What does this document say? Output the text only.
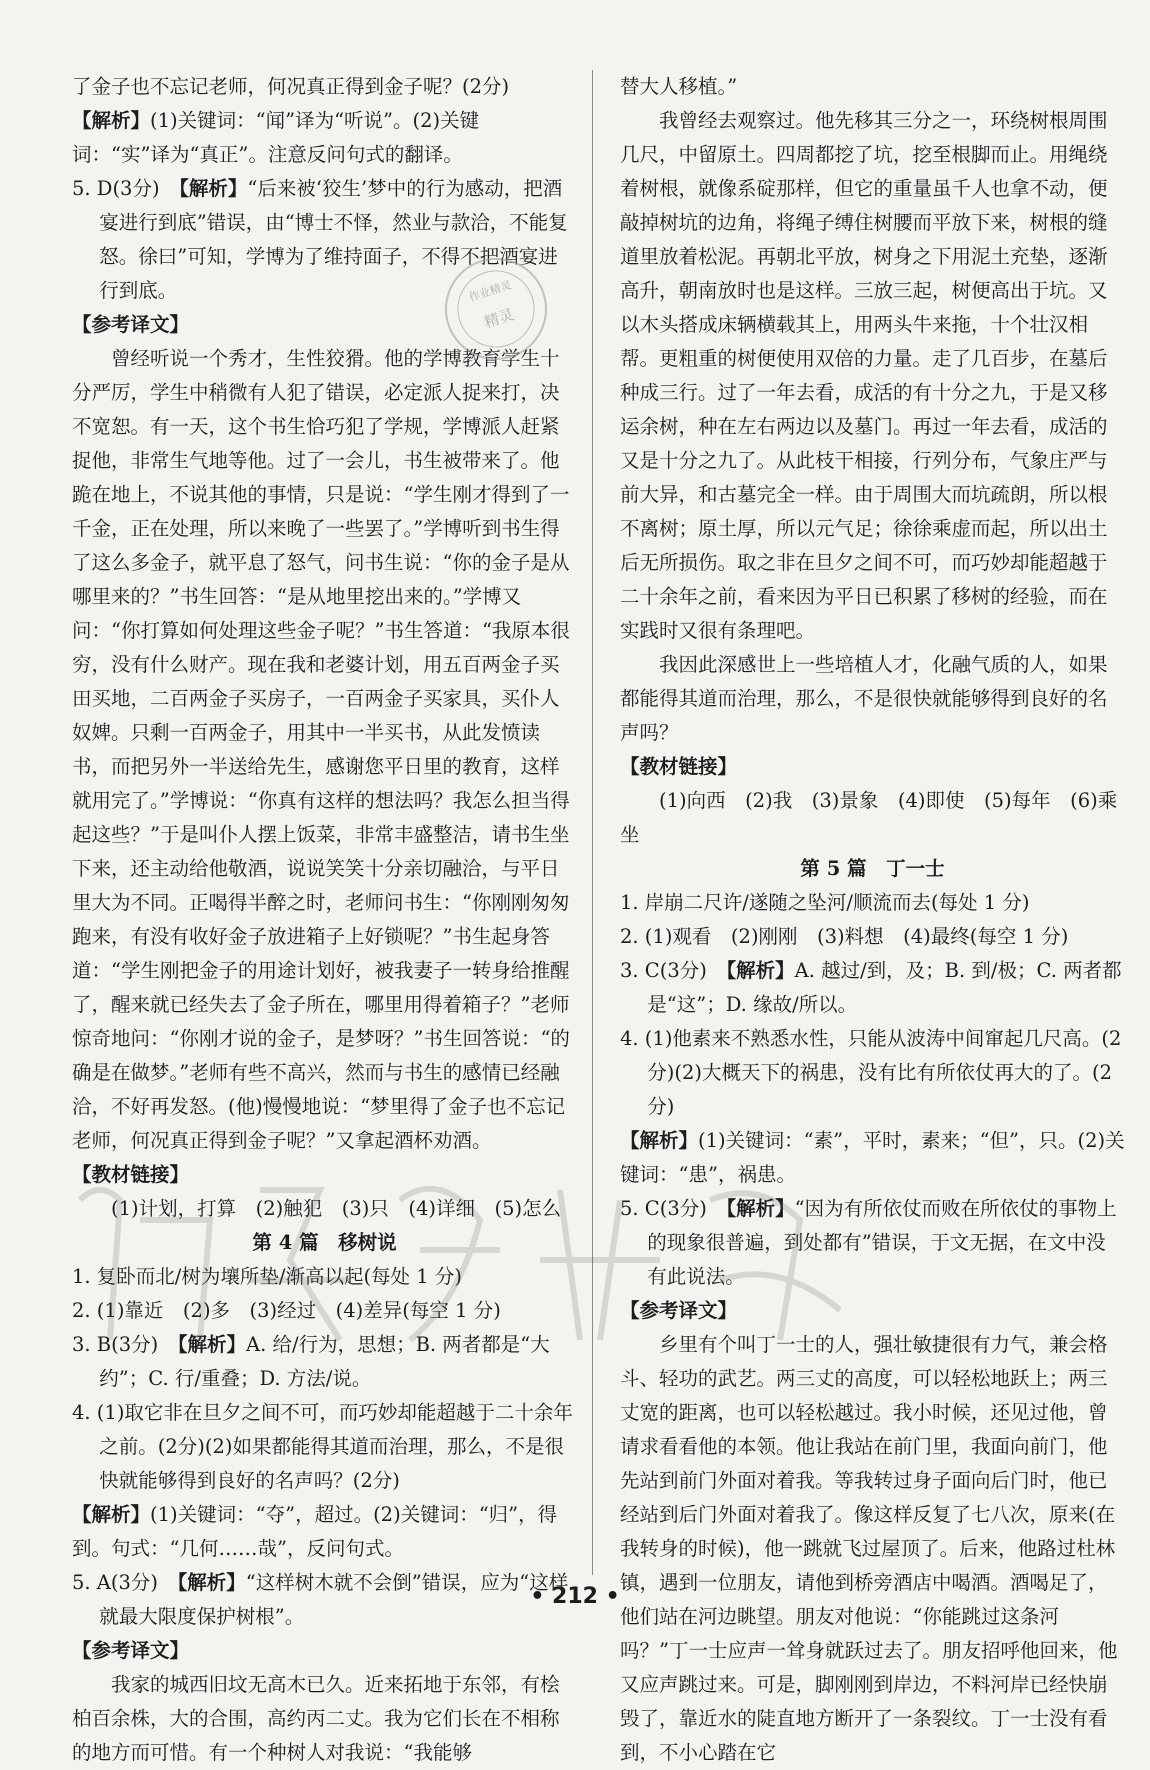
了金子也不忘记老师，何况真正得到金子呢？(2分)

【解析】(1)关键词：“闻”译为“听说”。(2)关键词：“实”译为“真正”。注意反问句式的翻译。

5. D(3分)　【解析】“后来被‘狡生’梦中的行为感动，把酒宴进行到底”错误，由“博士不怿，然业与款洽，不能复怒。徐曰”可知，学博为了维持面子，不得不把酒宴进行到底。

【参考译文】

曾经听说一个秀才，生性狡猾。他的学博教育学生十分严厉，学生中稍微有人犯了错误，必定派人捉来打，决不宽恕。有一天，这个书生恰巧犯了学规，学博派人赶紧捉他，非常生气地等他。过了一会儿，书生被带来了。他跪在地上，不说其他的事情，只是说：“学生刚才得到了一千金，正在处理，所以来晚了一些罢了。”学博听到书生得了这么多金子，就平息了怒气，问书生说：“你的金子是从哪里来的？”书生回答：“是从地里挖出来的。”学博又问：“你打算如何处理这些金子呢？”书生答道：“我原本很穷，没有什么财产。现在我和老婆计划，用五百两金子买田买地，二百两金子买房子，一百两金子买家具，买仆人奴婢。只剩一百两金子，用其中一半买书，从此发愤读书，而把另外一半送给先生，感谢您平日里的教育，这样就用完了。”学博说：“你真有这样的想法吗？我怎么担当得起这些？”于是叫仆人摆上饭菜，非常丰盛整洁，请书生坐下来，还主动给他敬酒，说说笑笑十分亲切融洽，与平日里大为不同。正喝得半醉之时，老师问书生：“你刚刚匆匆跑来，有没有收好金子放进箱子上好锁呢？”书生起身答道：“学生刚把金子的用途计划好，被我妻子一转身给推醒了，醒来就已经失去了金子所在，哪里用得着箱子？”老师惊奇地问：“你刚才说的金子，是梦呀？”书生回答说：“的确是在做梦。”老师有些不高兴，然而与书生的感情已经融洽，不好再发怒。(他)慢慢地说：“梦里得了金子也不忘记老师，何况真正得到金子呢？”又拿起酒杯劝酒。

【教材链接】

(1)计划，打算　(2)触犯　(3)只　(4)详细　(5)怎么

第 4 篇　移树说

1. 复卧而北/树为壤所垫/渐高以起(每处 1 分)

2. (1)靠近　(2)多　(3)经过　(4)差异(每空 1 分)

3. B(3分)　【解析】A. 给/行为，思想；B. 两者都是“大约”；C. 行/重叠；D. 方法/说。

4. (1)取它非在旦夕之间不可，而巧妙却能超越于二十余年之前。(2分)(2)如果都能得其道而治理，那么，不是很快就能够得到良好的名声吗？(2分)

【解析】(1)关键词：“夺”，超过。(2)关键词：“归”，得到。句式：“几何……哉”，反问句式。

5. A(3分)　【解析】“这样树木就不会倒”错误，应为“这样就最大限度保护树根”。

【参考译文】

我家的城西旧坟无高木已久。近来拓地于东邻，有桧柏百余株，大的合围，高约丙二丈。我为它们长在不相称的地方而可惜。有一个种树人对我说：“我能够

替大人移植。”

我曾经去观察过。他先移其三分之一，环绕树根周围几尺，中留原土。四周都挖了坑，挖至根脚而止。用绳绕着树根，就像系碇那样，但它的重量虽千人也拿不动，便敲掉树坑的边角，将绳子缚住树腰而平放下来，树根的缝道里放着松泥。再朝北平放，树身之下用泥土充垫，逐渐高升，朝南放时也是这样。三放三起，树便高出于坑。又以木头搭成床辆横载其上，用两头牛来拖，十个壮汉相帮。更粗重的树便使用双倍的力量。走了几百步，在墓后种成三行。过了一年去看，成活的有十分之九，于是又移运余树，种在左右两边以及墓门。再过一年去看，成活的又是十分之九了。从此枝干相接，行列分布，气象庄严与前大异，和古墓完全一样。由于周围大而坑疏朗，所以根不离树；原土厚，所以元气足；徐徐乘虚而起，所以出土后无所损伤。取之非在旦夕之间不可，而巧妙却能超越于二十余年之前，看来因为平日已积累了移树的经验，而在实践时又很有条理吧。

我因此深感世上一些培植人才，化融气质的人，如果都能得其道而治理，那么，不是很快就能够得到良好的名声吗？

【教材链接】

(1)向西　(2)我　(3)景象　(4)即使　(5)每年　(6)乘坐

第 5 篇　丁一士

1. 岸崩二尺许/遂随之坠河/顺流而去(每处 1 分)

2. (1)观看　(2)刚刚　(3)料想　(4)最终(每空 1 分)

3. C(3分)　【解析】A. 越过/到，及；B. 到/极；C. 两者都是“这”；D. 缘故/所以。

4. (1)他素来不熟悉水性，只能从波涛中间窜起几尺高。(2分)(2)大概天下的祸患，没有比有所依仗再大的了。(2分)

【解析】(1)关键词：“素”，平时，素来；“但”，只。(2)关键词：“患”，祸患。

5. C(3分)　【解析】“因为有所依仗而败在所依仗的事物上的现象很普遍，到处都有”错误，于文无据，在文中没有此说法。

【参考译文】

乡里有个叫丁一士的人，强壮敏捷很有力气，兼会格斗、轻功的武艺。两三丈的高度，可以轻松地跃上；两三丈宽的距离，也可以轻松越过。我小时候，还见过他，曾请求看看他的本领。他让我站在前门里，我面向前门，他先站到前门外面对着我。等我转过身子面向后门时，他已经站到后门外面对着我了。像这样反复了七八次，原来(在我转身的时候)，他一跳就飞过屋顶了。后来，他路过杜林镇，遇到一位朋友，请他到桥旁酒店中喝酒。酒喝足了，他们站在河边眺望。朋友对他说：“你能跳过这条河吗？”丁一士应声一耸身就跃过去了。朋友招呼他回来，他又应声跳过来。可是，脚刚刚到岸边，不料河岸已经快崩毁了，靠近水的陡直地方断开了一条裂纹。丁一士没有看到，不小心踏在它

作业精灵
精灵
• 212 •
